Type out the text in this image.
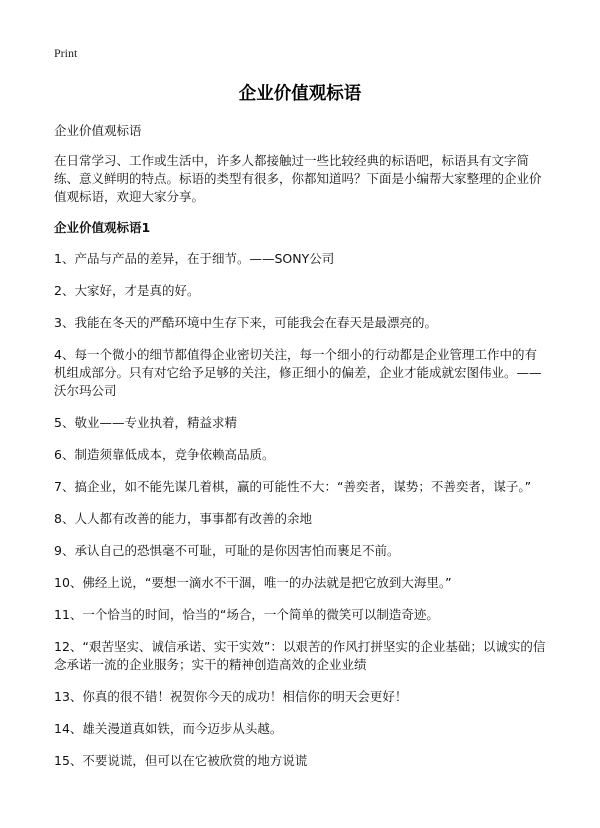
Print
企业价值观标语

企业价值观标语

在日常学习、工作或生活中，许多人都接触过一些比较经典的标语吧，标语具有文字简练、意义鲜明的特点。标语的类型有很多，你都知道吗？下面是小编帮大家整理的企业价值观标语，欢迎大家分享。

企业价值观标语1
1、产品与产品的差异，在于细节。——SONY公司
2、大家好，才是真的好。
3、我能在冬天的严酷环境中生存下来，可能我会在春天是最漂亮的。
4、每一个微小的细节都值得企业密切关注，每一个细小的行动都是企业管理工作中的有机组成部分。只有对它给予足够的关注，修正细小的偏差，企业才能成就宏图伟业。——沃尔玛公司
5、敬业——专业执着，精益求精
6、制造须靠低成本，竞争依赖高品质。
7、搞企业，如不能先谋几着棋，赢的可能性不大：“善奕者，谋势；不善奕者，谋子。”
8、人人都有改善的能力，事事都有改善的余地
9、承认自己的恐惧毫不可耻，可耻的是你因害怕而裹足不前。
10、佛经上说，“要想一滴水不干涸，唯一的办法就是把它放到大海里。”
11、一个恰当的时间，恰当的“场合，一个简单的微笑可以制造奇迹。
12、“艰苦坚实、诚信承诺、实干实效”：以艰苦的作风打拼坚实的企业基础；以诚实的信念承诺一流的企业服务；实干的精神创造高效的企业业绩
13、你真的很不错！祝贺你今天的成功！相信你的明天会更好！
14、雄关漫道真如铁，而今迈步从头越。
15、不要说谎，但可以在它被欣赏的地方说谎
